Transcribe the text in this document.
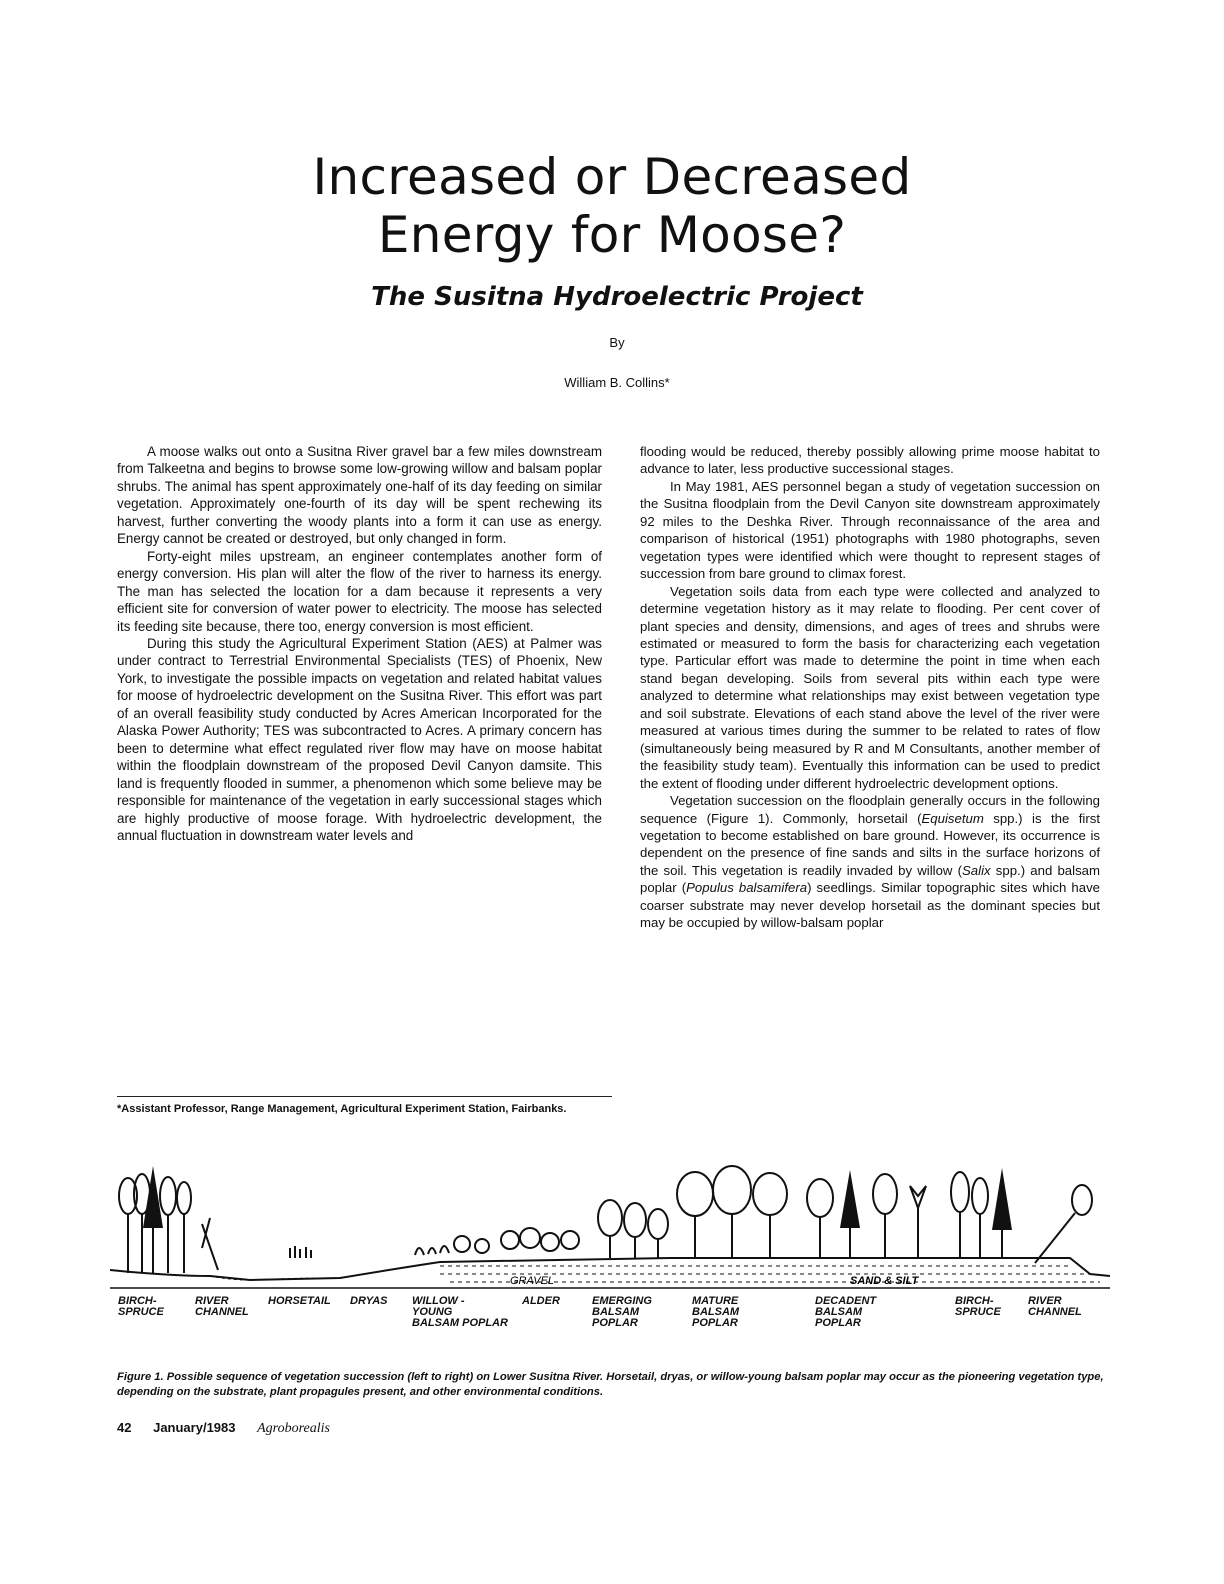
Increased or Decreased
Energy for Moose?
The Susitna Hydroelectric Project
By
William B. Collins*

A moose walks out onto a Susitna River gravel bar a few miles downstream from Talkeetna and begins to browse some low-growing willow and balsam poplar shrubs. The animal has spent approximately one-half of its day feeding on similar vegetation. Approximately one-fourth of its day will be spent rechewing its harvest, further converting the woody plants into a form it can use as energy. Energy cannot be created or destroyed, but only changed in form.

Forty-eight miles upstream, an engineer contemplates another form of energy conversion. His plan will alter the flow of the river to harness its energy. The man has selected the location for a dam because it represents a very efficient site for conversion of water power to electricity. The moose has selected its feeding site because, there too, energy conversion is most efficient.

During this study the Agricultural Experiment Station (AES) at Palmer was under contract to Terrestrial Environmental Specialists (TES) of Phoenix, New York, to investigate the possible impacts on vegetation and related habitat values for moose of hydroelectric development on the Susitna River. This effort was part of an overall feasibility study conducted by Acres American Incorporated for the Alaska Power Authority; TES was subcontracted to Acres. A primary concern has been to determine what effect regulated river flow may have on moose habitat within the floodplain downstream of the proposed Devil Canyon damsite. This land is frequently flooded in summer, a phenomenon which some believe may be responsible for maintenance of the vegetation in early successional stages which are highly productive of moose forage. With hydroelectric development, the annual fluctuation in downstream water levels and

*Assistant Professor, Range Management, Agricultural Experiment Station, Fairbanks.

flooding would be reduced, thereby possibly allowing prime moose habitat to advance to later, less productive successional stages.

In May 1981, AES personnel began a study of vegetation succession on the Susitna floodplain from the Devil Canyon site downstream approximately 92 miles to the Deshka River. Through reconnaissance of the area and comparison of historical (1951) photographs with 1980 photographs, seven vegetation types were identified which were thought to represent stages of succession from bare ground to climax forest.

Vegetation soils data from each type were collected and analyzed to determine vegetation history as it may relate to flooding. Per cent cover of plant species and density, dimensions, and ages of trees and shrubs were estimated or measured to form the basis for characterizing each vegetation type. Particular effort was made to determine the point in time when each stand began developing. Soils from several pits within each type were analyzed to determine what relationships may exist between vegetation type and soil substrate. Elevations of each stand above the level of the river were measured at various times during the summer to be related to rates of flow (simultaneously being measured by R and M Consultants, another member of the feasibility study team). Eventually this information can be used to predict the extent of flooding under different hydroelectric development options.

Vegetation succession on the floodplain generally occurs in the following sequence (Figure 1). Commonly, horsetail (Equisetum spp.) is the first vegetation to become established on bare ground. However, its occurrence is dependent on the presence of fine sands and silts in the surface horizons of the soil. This vegetation is readily invaded by willow (Salix spp.) and balsam poplar (Populus balsamifera) seedlings. Similar topographic sites which have coarser substrate may never develop horsetail as the dominant species but may be occupied by willow-balsam poplar

GRAVEL	SAND & SILT
BIRCH-SPRUCE
RIVER CHANNEL
HORSETAIL DRYAS WILLOW -YOUNG BALSAM POPLAR
ALDER	EMERGING BALSAM POPLAR
MATURE BALSAM POPLAR
DECADENT BALSAM POPLAR
BIRCH-SPRUCE
RIVER CHANNEL
Figure 1. Possible sequence of vegetation succession (left to right) on Lower Susitna River. Horsetail, dryas, or willow-young balsam poplar may occur as the pioneering vegetation type, depending on the substrate, plant propagules present, and other environmental conditions.
42 January/1983 Agroborealis
